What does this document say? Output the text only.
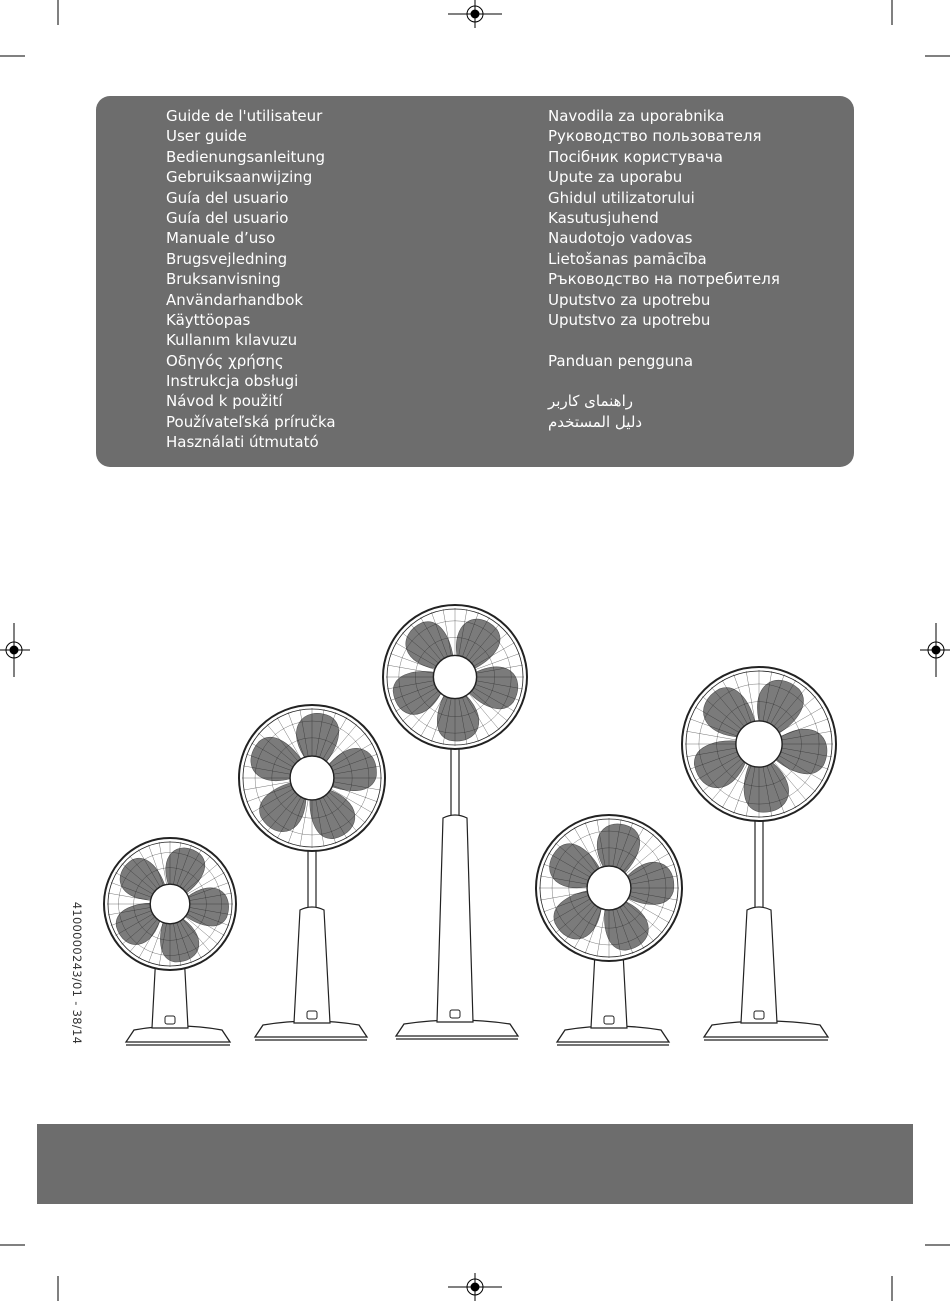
Guide de l'utilisateur
User guide
Bedienungsanleitung
Gebruiksaanwijzing
Guía del usuario
Guía del usuario
Manuale d’uso
Brugsvejledning
Bruksanvisning
Användarhandbok
Käyttöopas
Kullanım kılavuzu
Οδηγός χρήσης
Instrukcja obsługi
Návod k použití
Používateľská príručka
Használati útmutató
Navodila za uporabnika
Руководство пользователя
Посібник користувача
Upute za uporabu
Ghidul utilizatorului
Kasutusjuhend
Naudotojo vadovas
Lietošanas pamācība
Ръководство на потребителя
Uputstvo za upotrebu
Uputstvo za upotrebu
Panduan pengguna
راهنمای کاربر
دليل المستخدم
4100000243/01 - 38/14
